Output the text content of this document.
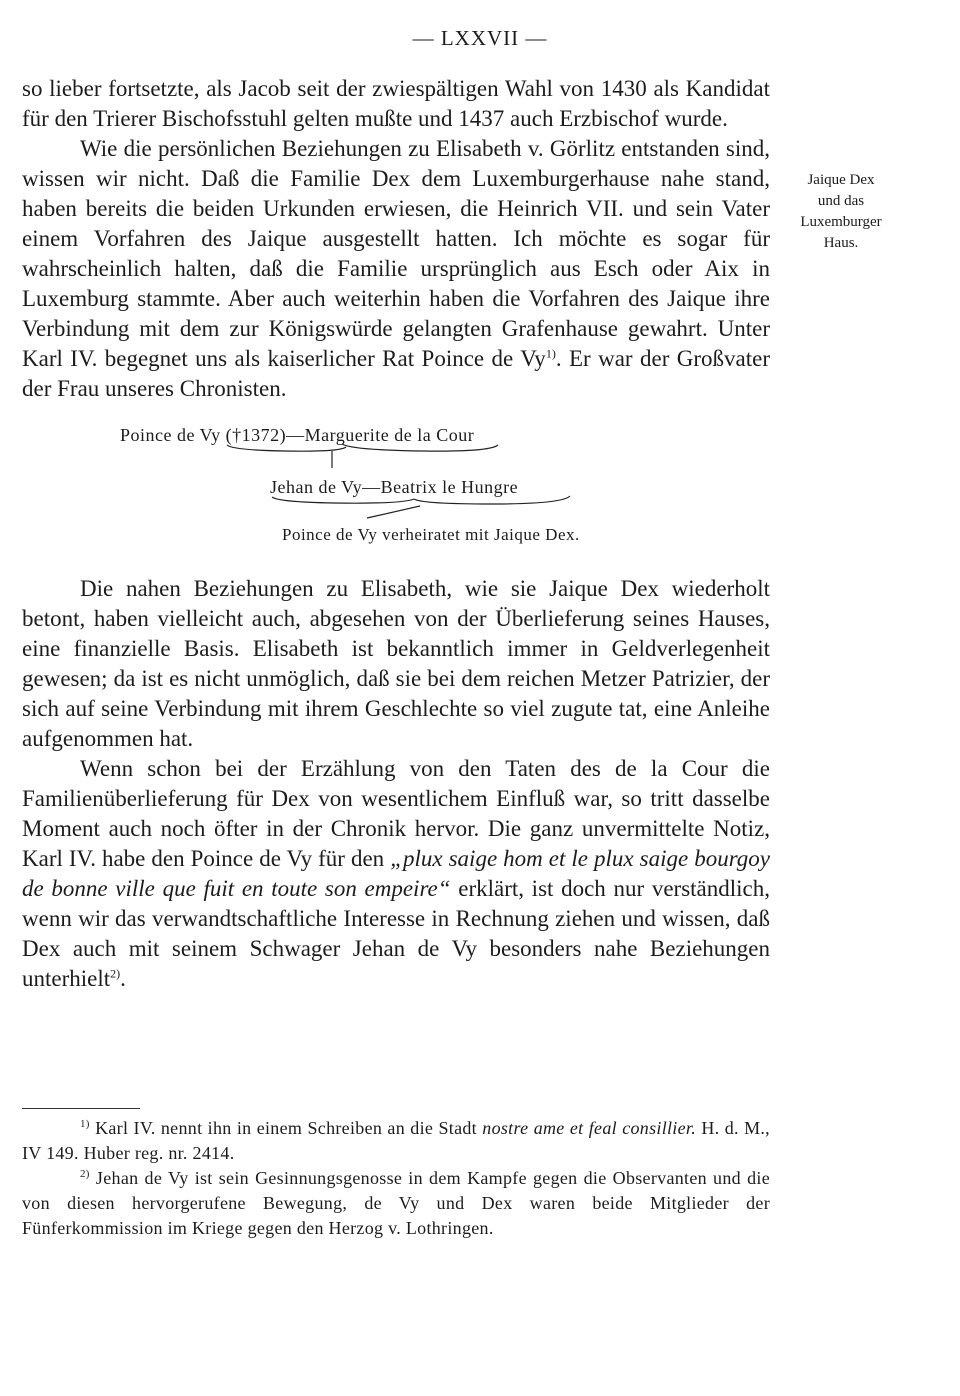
— LXXVII —
Jaique Dex
und das
Luxemburger
Haus.

so lieber fortsetzte, als Jacob seit der zwiespältigen Wahl von 1430 als Kandidat für den Trierer Bischofsstuhl gelten mußte und 1437 auch Erzbischof wurde.

Wie die persönlichen Beziehungen zu Elisabeth v. Görlitz entstanden sind, wissen wir nicht. Daß die Familie Dex dem Luxemburgerhause nahe stand, haben bereits die beiden Urkunden erwiesen, die Heinrich VII. und sein Vater einem Vorfahren des Jaique ausgestellt hatten. Ich möchte es sogar für wahrscheinlich halten, daß die Familie ursprünglich aus Esch oder Aix in Luxemburg stammte. Aber auch weiterhin haben die Vorfahren des Jaique ihre Verbindung mit dem zur Königswürde gelangten Grafenhause gewahrt. Unter Karl IV. begegnet uns als kaiserlicher Rat Poince de Vy$^{1)}$. Er war der Großvater der Frau unseres Chronisten.

Poince de Vy (†1372)—Marguerite de la Cour
Jehan de Vy—Beatrix le Hungre
Poince de Vy verheiratet mit Jaique Dex.

Die nahen Beziehungen zu Elisabeth, wie sie Jaique Dex wiederholt betont, haben vielleicht auch, abgesehen von der Überlieferung seines Hauses, eine finanzielle Basis. Elisabeth ist bekanntlich immer in Geldverlegenheit gewesen; da ist es nicht unmöglich, daß sie bei dem reichen Metzer Patrizier, der sich auf seine Verbindung mit ihrem Geschlechte so viel zugute tat, eine Anleihe aufgenommen hat.

Wenn schon bei der Erzählung von den Taten des de la Cour die Familienüberlieferung für Dex von wesentlichem Einfluß war, so tritt dasselbe Moment auch noch öfter in der Chronik hervor. Die ganz unvermittelte Notiz, Karl IV. habe den Poince de Vy für den „plux saige hom et le plux saige bourgoy de bonne ville que fuit en toute son empeire“ erklärt, ist doch nur verständlich, wenn wir das verwandtschaftliche Interesse in Rechnung ziehen und wissen, daß Dex auch mit seinem Schwager Jehan de Vy besonders nahe Beziehungen unterhielt$^{2)}$.

$^{1)}$ Karl IV. nennt ihn in einem Schreiben an die Stadt nostre ame et feal consillier. H. d. M., IV 149. Huber reg. nr. 2414.

$^{2)}$ Jehan de Vy ist sein Gesinnungsgenosse in dem Kampfe gegen die Observanten und die von diesen hervorgerufene Bewegung, de Vy und Dex waren beide Mitglieder der Fünferkommission im Kriege gegen den Herzog v. Lothringen.
